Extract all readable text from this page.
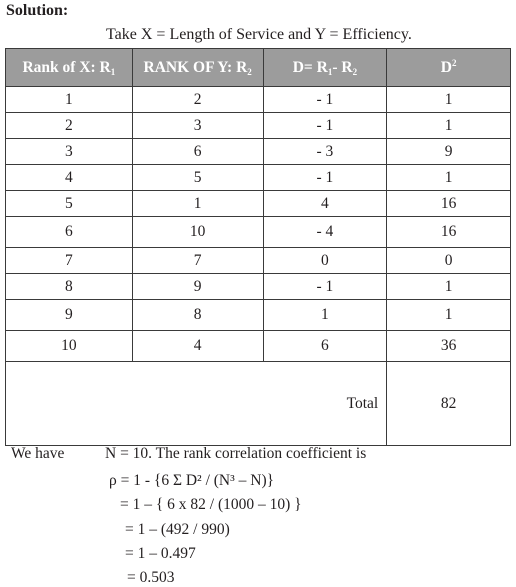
Solution:
Take X = Length of Service and Y = Efficiency.
Rank of X: $R_1$	RANK OF Y: $R_2$	$D= R_1-$ $R_2$	$D^2$
1	2	- 1	1
2	3	- 1	1
3	6	- 3	9
4	5	- 1	1
5	1	4	16
6	10	- 4	16
7	7	0	0
8	9	- 1	1
9	8	1	1
10	4	6	36
Total			82
We have	N = 10. The rank correlation coefficient is
ρ = 1 - {6 Σ D² / (N³ – N)}
= 1 – { 6 x 82 / (1000 – 10) }
= 1 – (492 / 990)
= 1 – 0.497
= 0.503
